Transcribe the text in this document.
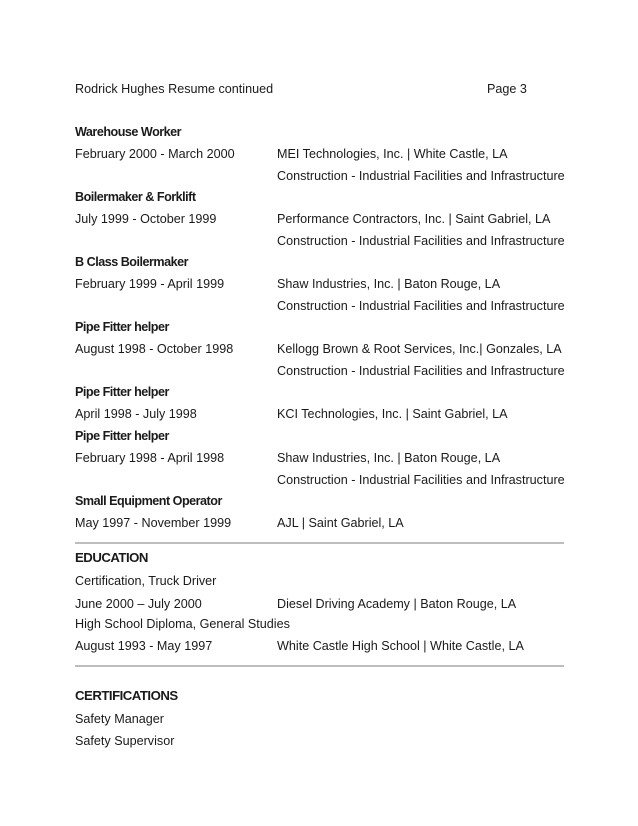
Rodrick Hughes Resume continued	Page 3
Warehouse Worker
February 2000 - March 2000	MEI Technologies, Inc. | White Castle, LA
Construction - Industrial Facilities and Infrastructure
Boilermaker & Forklift
July 1999 - October 1999	Performance Contractors, Inc. | Saint Gabriel, LA
Construction - Industrial Facilities and Infrastructure
B Class Boilermaker
February 1999 - April 1999	Shaw Industries, Inc. | Baton Rouge, LA
Construction - Industrial Facilities and Infrastructure
Pipe Fitter helper
August 1998 - October 1998	Kellogg Brown & Root Services, Inc.| Gonzales, LA
Construction - Industrial Facilities and Infrastructure
Pipe Fitter helper
April 1998 - July 1998	KCI Technologies, Inc. | Saint Gabriel, LA
Pipe Fitter helper
February 1998 - April 1998	Shaw Industries, Inc. | Baton Rouge, LA
Construction - Industrial Facilities and Infrastructure
Small Equipment Operator
May 1997 - November 1999	AJL | Saint Gabriel, LA
EDUCATION
Certification, Truck Driver
June 2000 – July 2000	Diesel Driving Academy | Baton Rouge, LA
High School Diploma, General Studies
August 1993 - May 1997	White Castle High School | White Castle, LA
CERTIFICATIONS
Safety Manager
Safety Supervisor
